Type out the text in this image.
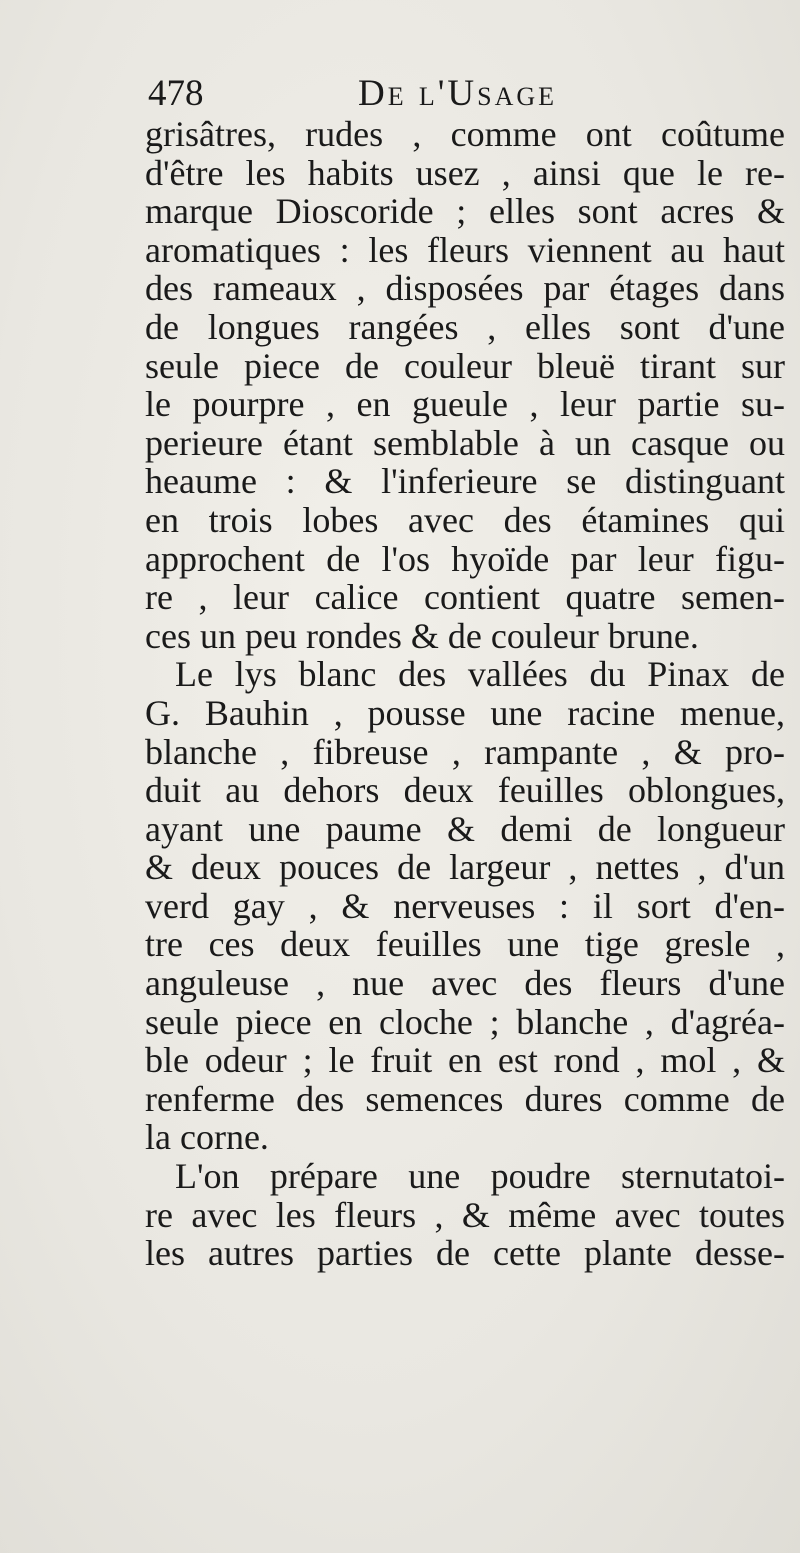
478	De l'Usage
grisâtres, rudes , comme ont coûtume
d'être les habits usez , ainsi que le re-
marque Dioscoride ; elles sont acres &
aromatiques : les fleurs viennent au haut
des rameaux , disposées par étages dans
de longues rangées , elles sont d'une
seule piece de couleur bleuë tirant sur
le pourpre , en gueule , leur partie su-
perieure étant semblable à un casque ou
heaume : & l'inferieure se distinguant
en trois lobes avec des étamines qui
approchent de l'os hyoïde par leur figu-
re , leur calice contient quatre semen-
ces un peu rondes & de couleur brune.
Le lys blanc des vallées du Pinax de
G. Bauhin , pousse une racine menue,
blanche , fibreuse , rampante , & pro-
duit au dehors deux feuilles oblongues,
ayant une paume & demi de longueur
& deux pouces de largeur , nettes , d'un
verd gay , & nerveuses : il sort d'en-
tre ces deux feuilles une tige gresle ,
anguleuse , nue avec des fleurs d'une
seule piece en cloche ; blanche , d'agréa-
ble odeur ; le fruit en est rond , mol , &
renferme des semences dures comme de
la corne.
L'on prépare une poudre sternutatoi-
re avec les fleurs , & même avec toutes
les autres parties de cette plante desse-
